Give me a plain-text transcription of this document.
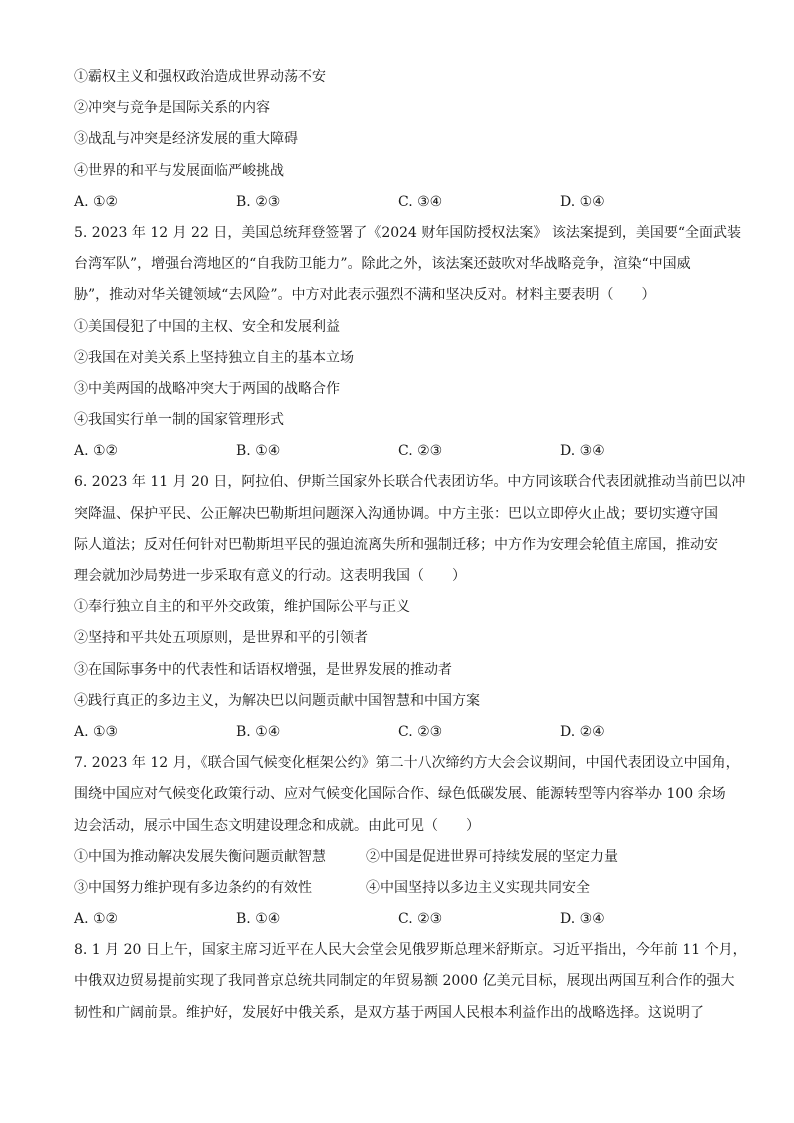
①霸权主义和强权政治造成世界动荡不安
②冲突与竞争是国际关系的内容
③战乱与冲突是经济发展的重大障碍
④世界的和平与发展面临严峻挑战
A. ①②	B. ②③	C. ③④	D. ①④
5. 2023 年 12 月 22 日，美国总统拜登签署了《2024 财年国防授权法案》 该法案提到，美国要“全面武装
台湾军队”，增强台湾地区的“自我防卫能力”。除此之外，该法案还鼓吹对华战略竞争，渲染“中国威
胁”，推动对华关键领域“去风险”。中方对此表示强烈不满和坚决反对。材料主要表明（　　）
①美国侵犯了中国的主权、安全和发展利益
②我国在对美关系上坚持独立自主的基本立场
③中美两国的战略冲突大于两国的战略合作
④我国实行单一制的国家管理形式
A. ①②	B. ①④	C. ②③	D. ③④
6. 2023 年 11 月 20 日，阿拉伯、伊斯兰国家外长联合代表团访华。中方同该联合代表团就推动当前巴以冲
突降温、保护平民、公正解决巴勒斯坦问题深入沟通协调。中方主张：巴以立即停火止战；要切实遵守国
际人道法；反对任何针对巴勒斯坦平民的强迫流离失所和强制迁移；中方作为安理会轮值主席国，推动安
理会就加沙局势进一步采取有意义的行动。这表明我国（　　）
①奉行独立自主的和平外交政策，维护国际公平与正义
②坚持和平共处五项原则，是世界和平的引领者
③在国际事务中的代表性和话语权增强，是世界发展的推动者
④践行真正的多边主义，为解决巴以问题贡献中国智慧和中国方案
A. ①③	B. ①④	C. ②③	D. ②④
7. 2023 年 12 月，《联合国气候变化框架公约》第二十八次缔约方大会会议期间，中国代表团设立中国角，
围绕中国应对气候变化政策行动、应对气候变化国际合作、绿色低碳发展、能源转型等内容举办 100 余场
边会活动，展示中国生态文明建设理念和成就。由此可见（　　）
①中国为推动解决发展失衡问题贡献智慧	②中国是促进世界可持续发展的坚定力量
③中国努力维护现有多边条约的有效性	④中国坚持以多边主义实现共同安全
A. ①②	B. ①④	C. ②③	D. ③④
8. 1 月 20 日上午，国家主席习近平在人民大会堂会见俄罗斯总理米舒斯京。习近平指出，今年前 11 个月，
中俄双边贸易提前实现了我同普京总统共同制定的年贸易额 2000 亿美元目标，展现出两国互利合作的强大
韧性和广阔前景。维护好，发展好中俄关系，是双方基于两国人民根本利益作出的战略选择。这说明了
